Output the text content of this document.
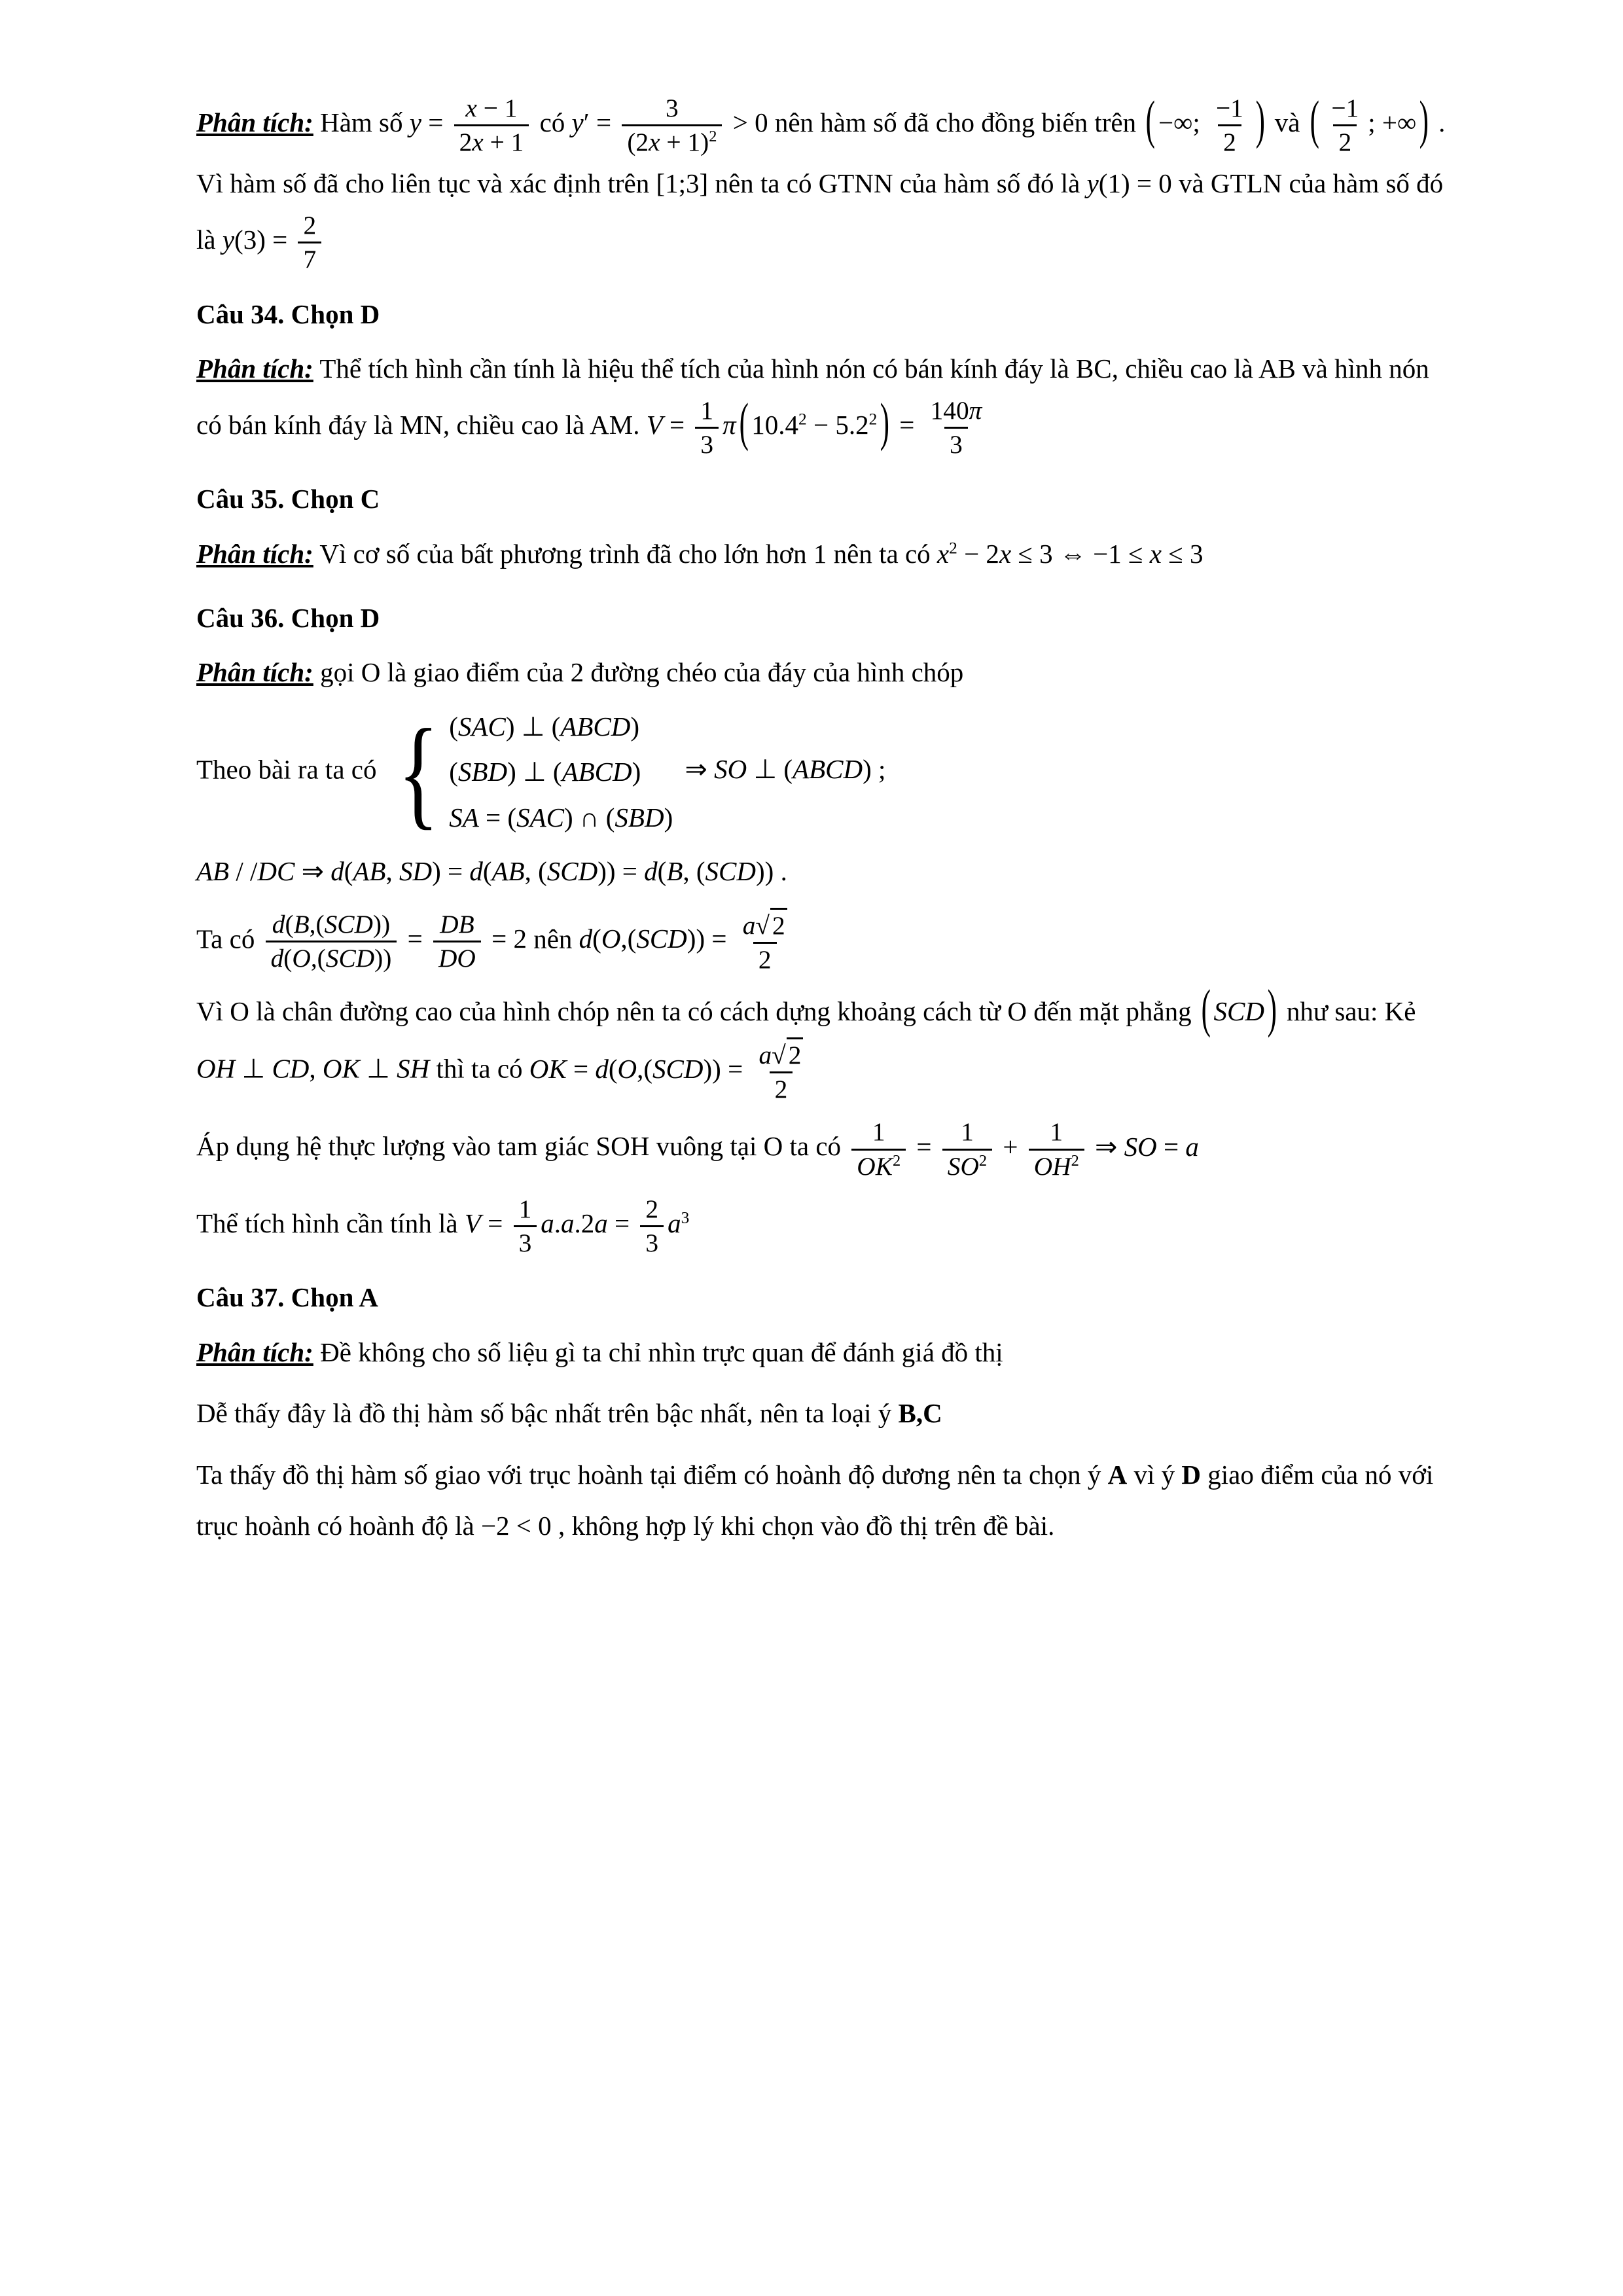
Phân tích: Hàm số $y = \frac{x - 1}{2x + 1}$ có $y' = \frac{3}{(2x + 1)^2} > 0$ nên hàm số đã cho đồng biến trên ( −∞; $\frac{-1}{2}$ ) và ( $\frac{-1}{2}$ ; +∞ ) . Vì hàm số đã cho liên tục và xác định trên [1;3] nên ta có GTNN của hàm số đó là y(1) = 0 và GTLN của hàm số đó là $y(3) = \frac{2}{7}$
Câu 34. Chọn D
Phân tích: Thể tích hình cần tính là hiệu thể tích của hình nón có bán kính đáy là BC, chiều cao là AB và hình nón có bán kính đáy là MN, chiều cao là AM. $V = \frac{1}{3}$ π ( $10.4^2 - 5.2^2$ ) = $\frac{140\pi}{3}$
Câu 35. Chọn C
Phân tích: Vì cơ số của bất phương trình đã cho lớn hơn 1 nên ta có $x^2 - 2x \le 3$ ⇔ −1 ≤ x ≤ 3
Câu 36. Chọn D
Phân tích: gọi O là giao điểm của 2 đường chéo của đáy của hình chóp
Theo bài ra ta có { (SAC) ⊥ (ABCD)
(SBD) ⊥ (ABCD)
SA = (SAC) ∩ (SBD)
⇒ SO ⊥ (ABCD) ;
AB / /DC ⇒ d(AB, SD) = d(AB, (SCD)) = d(B, (SCD)) .
Ta có $\frac{\text{d(B,(SCD))}}{\text{d(O,(SCD))}} = \frac{DB}{DO} = 2$ nên $d(O,(SCD)) = \frac{a √ 2}{2}$
Vì O là chân đường cao của hình chóp nên ta có cách dựng khoảng cách từ O đến mặt phẳng ( SCD ) như sau: Kẻ OH ⊥ CD, OK ⊥ SH thì ta có OK = $d(O,(SCD)) = \frac{a √ 2}{2}$
Áp dụng hệ thực lượng vào tam giác SOH vuông tại O ta có $\frac{1}{OK^2} = \frac{1}{SO^2} + \frac{1}{OH^2}$ ⇒ SO = a
Thể tích hình cần tính là $V = \frac{1}{3} a.a.2a = \frac{2}{3} a^3$
Câu 37. Chọn A
Phân tích: Đề không cho số liệu gì ta chỉ nhìn trực quan để đánh giá đồ thị
Dễ thấy đây là đồ thị hàm số bậc nhất trên bậc nhất, nên ta loại ý B,C
Ta thấy đồ thị hàm số giao với trục hoành tại điểm có hoành độ dương nên ta chọn ý A vì ý D giao điểm của nó với trục hoành có hoành độ là −2 < 0 , không hợp lý khi chọn vào đồ thị trên đề bài.
